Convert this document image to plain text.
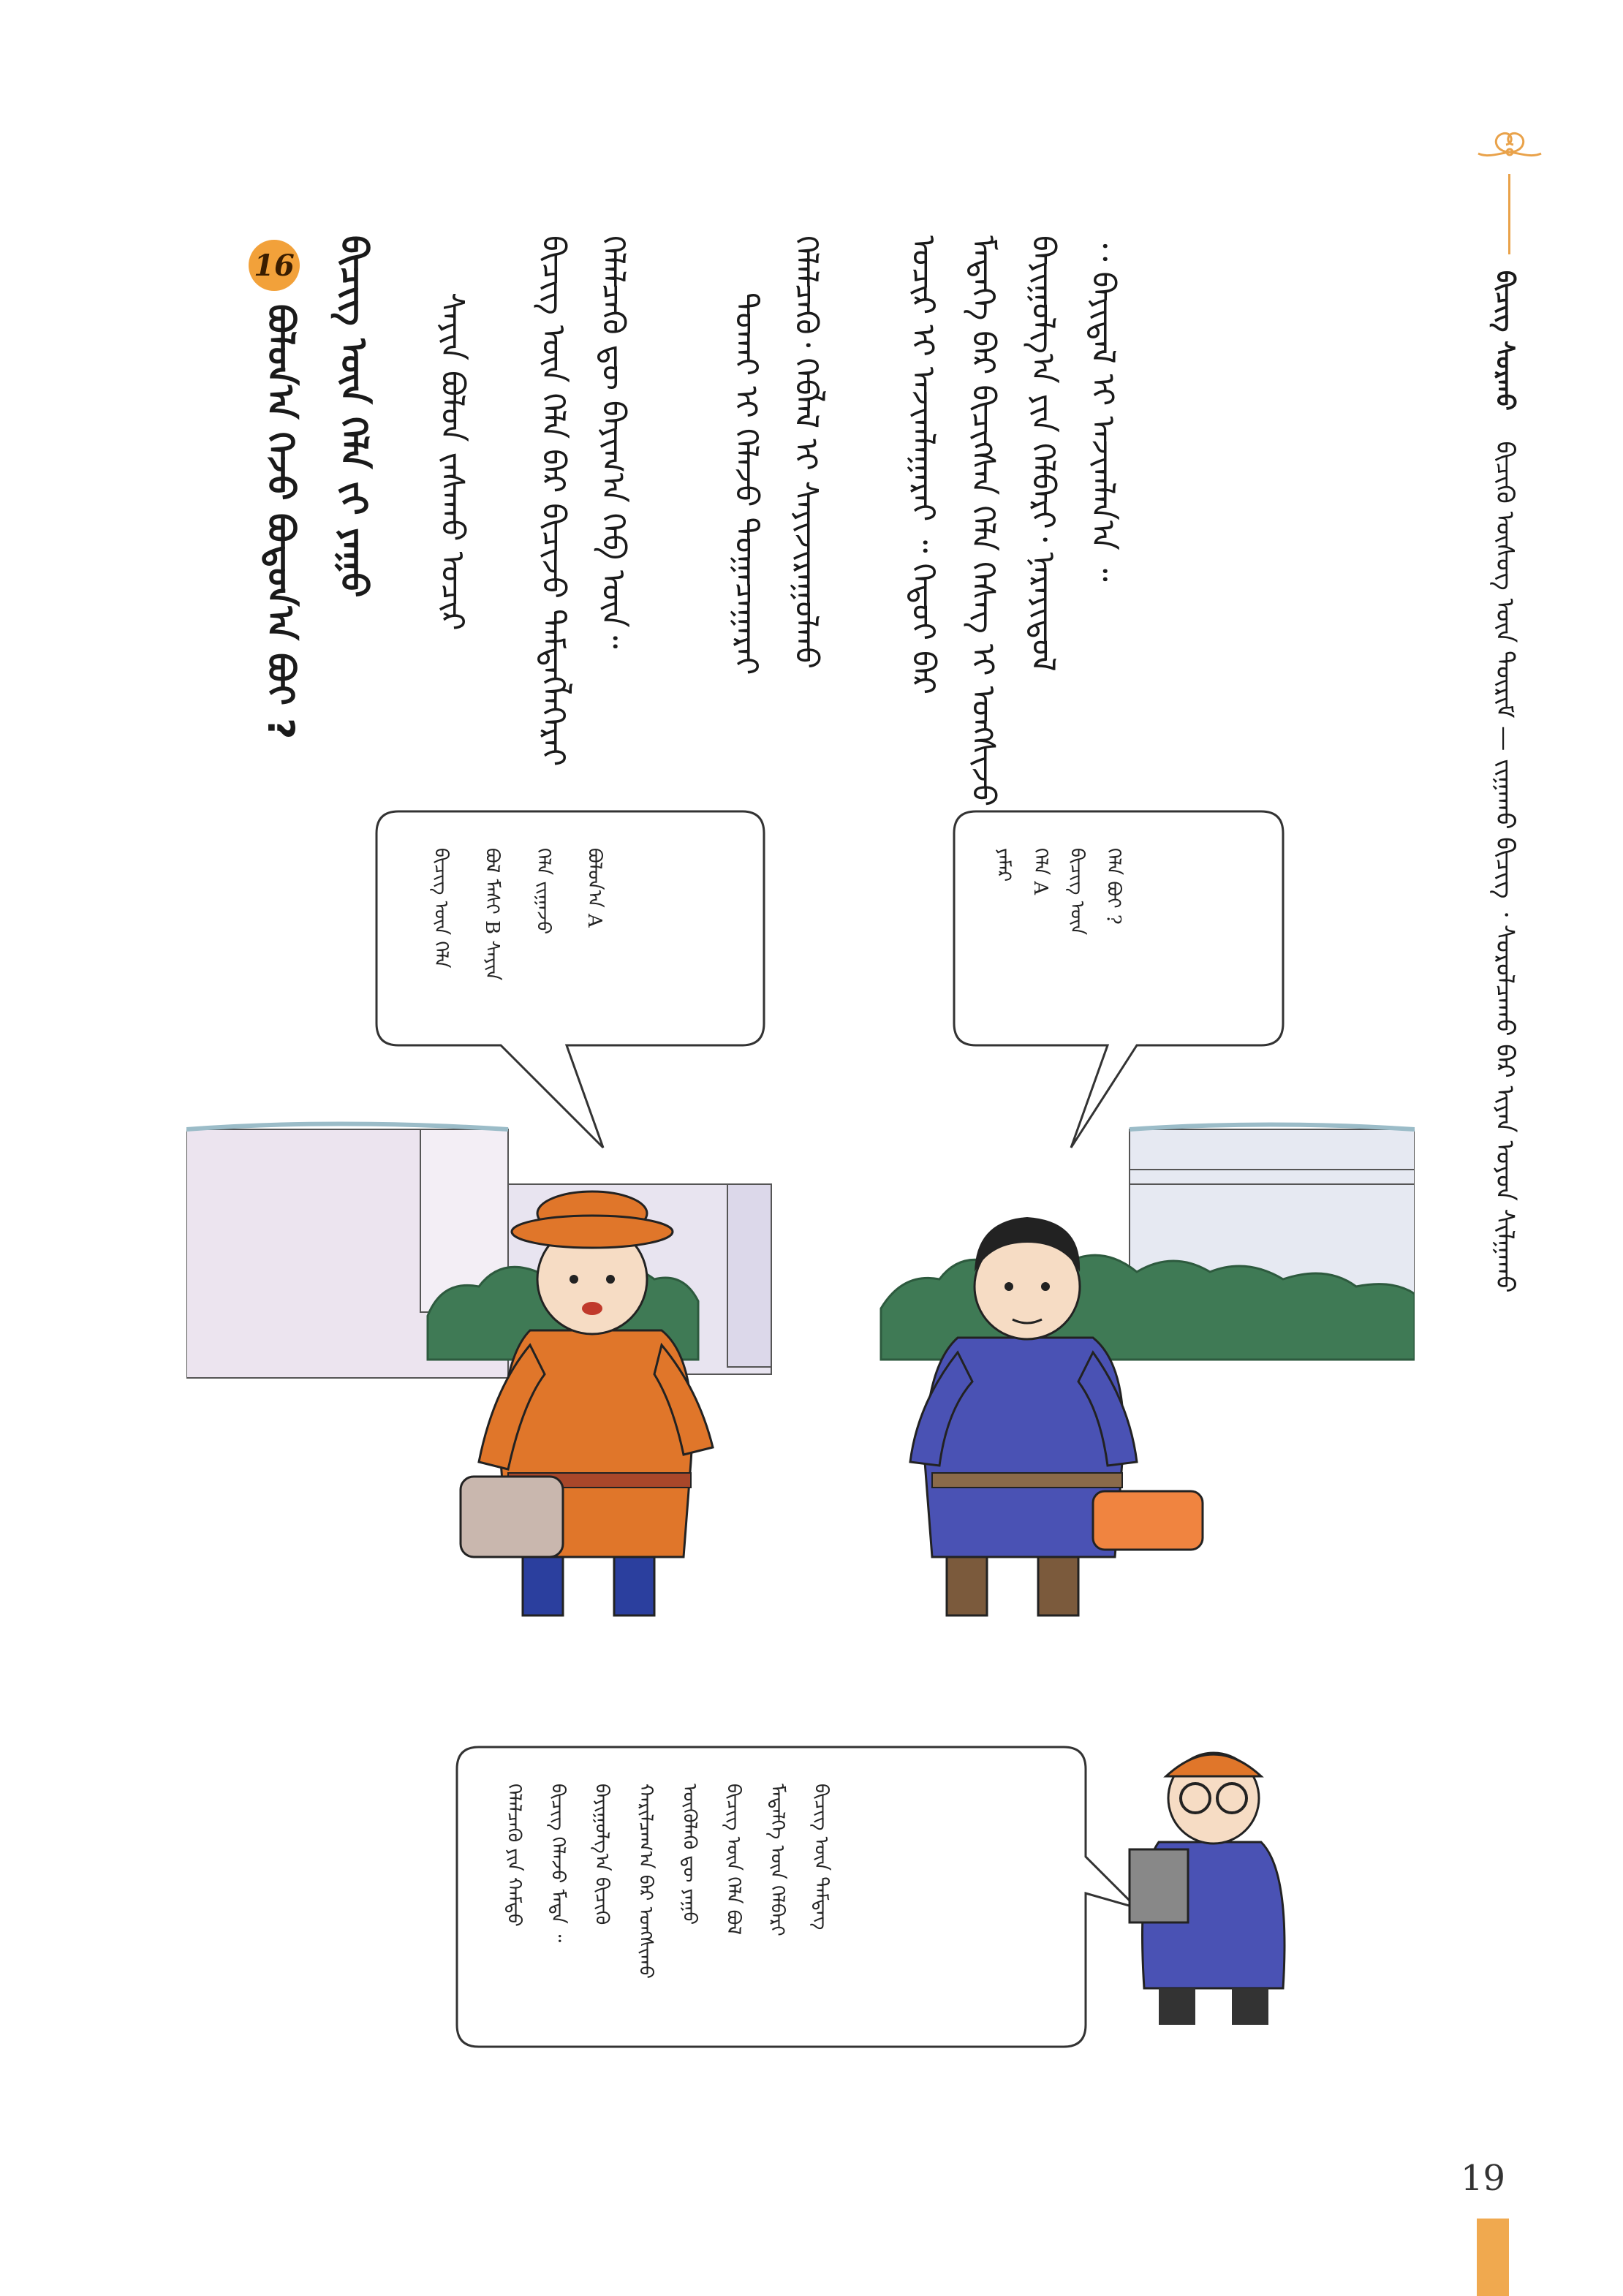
ᠪᠢᠴᠢᠭ᠌ ᠰᠤᠷᠬᠤ  ᠪᠢᠴᠢᠬᠦ ᠦᠰᠦᠭ ᠦᠨ ᠳᠦᠷᠢᠮ — ᠵᠢᠭᠠᠬᠤ ᠪᠢᠴᠢᠭ᠌ ᠂ ᠰᠤᠷᠤᠯᠴᠠᠬᠤ ᠪᠠᠷ ᠢᠶᠠᠨ ᠣᠶᠤᠨ ᠰᠢᠯᠭᠠᠬᠤ
᠂᠂ ᠪᠠᠶᠢᠳᠠᠯ ᠢ ᠠᠵᠢᠭᠯᠠᠨ᠎ᠠ ᠃
ᠪᠠᠶᠢᠭᠤᠯᠭ᠎ᠠ ᠶᠢᠨ ᠬᠡᠯᠪᠡᠷᠢ᠂ ᠨᠡᠷᠡᠶᠢᠳᠦᠯ
ᠮᠡᠳᠡᠭᠡ ᠪᠠᠷ ᠪᠢᠴᠢᠭᠰᠡᠨ ᠬᠡᠯᠡ ᠬᠡᠰᠡᠭ ᠢ ᠤᠩᠰᠢᠵᠤ
ᠤᠴᠢᠷ ᠢ ᠠᠵᠢᠭᠯᠠᠭᠠᠷᠠᠢ ᠃ ᠬᠡᠳᠦᠢ ᠪᠡᠷ
ᠬᠡᠯᠡᠯᠴᠡᠬᠦ᠂ ᠬᠡᠪᠯᠡᠯ ᠢ ᠰᠠᠶᠢᠵᠢᠷᠠᠭᠤᠯᠬᠤ
ᠲᠤᠬᠠᠶ ᠢ ᠬᠡᠯᠡᠵᠦ ᠲᠤᠭᠠᠴᠠᠭᠠᠷᠠᠢ
ᠬᠡᠯᠡᠯᠴᠡᠬᠦ ᠳᠦ ᠪᠠᠶᠢᠭ᠎ᠠ ᠬᠡᠪ ᠦᠨ᠃
ᠪᠢᠴᠢᠭ᠌ ᠦᠨ ᠬᠡᠯᠡ ᠪᠠᠷ ᠪᠢᠴᠢᠵᠦ ᠲᠡᠮᠳᠡᠭᠯᠡᠭᠡᠷᠡᠢ
ᠰᠠᠶᠢᠨ ᠪᠤᠯᠤᠨ ᠵᠠᠰᠠᠬᠤ ᠤᠴᠢᠷ
ᠪᠢᠴᠢᠭ ᠦᠨ ᠬᠡᠯᠡ ᠵᠢ ᠶᠠᠭᠤ
16
ᠪᠤᠯᠤᠨ᠎ᠠ ᠬᠡᠵᠦ ᠪᠤᠳᠤᠨ᠎ᠠ ᠪᠤᠢ ?
ᠶᠠᠮᠠᠷ ᠬᠡᠯᠡ A ᠪᠢᠴᠢᠭ᠌ ᠦᠨ ᠬᠡᠯᠡ ᠪᠤᠢ ?
ᠪᠢᠴᠢᠭ᠌ ᠦᠨ ᠬᠡᠯᠡ ᠪᠤᠯ ᠮᠠᠰᠢ B ᠰᠠᠶᠢᠨ ᠬᠡᠯᠡ ᠵᠢᠭᠠᠵᠤ ᠪᠤᠯᠤᠨ᠎ᠠ A
ᠬᠡᠯᠡᠯᠴᠡᠬᠦ ᠶᠢᠨ ᠬᠠᠮᠲᠤ ᠪᠢᠴᠢᠭ ᠬᠡᠯᠡᠵᠦ ᠮᠡᠳᠡ ᠃ ᠪᠠᠶᠢᠭᠤᠯᠭ᠎ᠠ ᠪᠢᠴᠢᠬᠦ ᠬᠠᠷᠢᠯᠴᠠᠭ᠎ᠠ ᠪᠠᠷ ᠤᠩᠰᠢᠬᠤ ᠦᠭᠦᠯᠡᠬᠦ ᠳᠦ ᠶᠠᠭᠤ ᠪᠢᠴᠢᠭ᠌ ᠦᠨ ᠬᠡᠯᠡ ᠪᠤᠯ ᠮᠡᠳᠡᠯᠭᠡ ᠦᠨ ᠬᠡᠯᠪᠡᠷᠢ ᠪᠢᠴᠢᠭ᠌ ᠦᠨ ᠲᠡᠮᠳᠡᠭ
19
